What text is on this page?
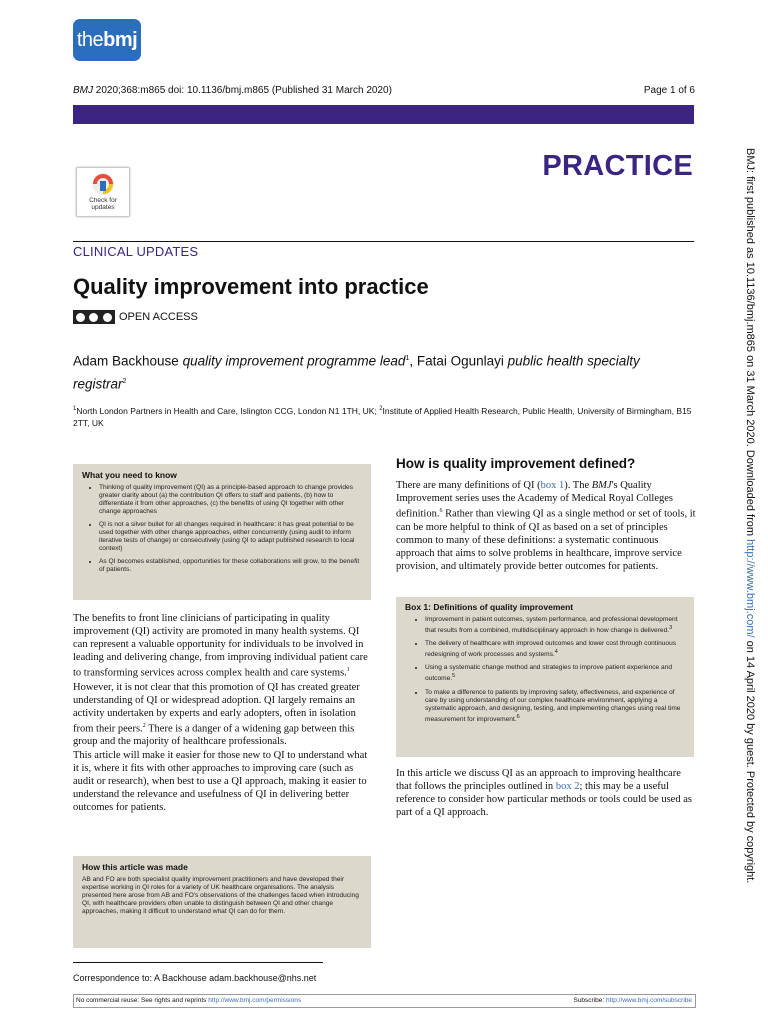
the bmj
BMJ 2020;368:m865 doi: 10.1136/bmj.m865 (Published 31 March 2020)	Page 1 of 6
PRACTICE
Check for updates
CLINICAL UPDATES
Quality improvement into practice
OPEN ACCESS
Adam Backhouse quality improvement programme lead$^1$, Fatai Ogunlayi public health specialty registrar$^2$
$^1$North London Partners in Health and Care, Islington CCG, London N1 1TH, UK; $^2$Institute of Applied Health Research, Public Health, University of Birmingham, B15 2TT, UK
What you need to know
• Thinking of quality improvement (QI) as a principle-based approach to change provides greater clarity about (a) the contribution QI offers to staff and patients, (b) how to differentiate it from other approaches, (c) the benefits of using QI together with other change approaches
• QI is not a silver bullet for all changes required in healthcare: it has great potential to be used together with other change approaches, either concurrently (using audit to inform iterative tests of change) or consecutively (using QI to adapt published research to local context)
• As QI becomes established, opportunities for these collaborations will grow, to the benefit of patients.

The benefits to front line clinicians of participating in quality improvement (QI) activity are promoted in many health systems. QI can represent a valuable opportunity for individuals to be involved in leading and delivering change, from improving individual patient care to transforming services across complex health and care systems.$^1$

However, it is not clear that this promotion of QI has created greater understanding of QI or widespread adoption. QI largely remains an activity undertaken by experts and early adopters, often in isolation from their peers.$^2$ There is a danger of a widening gap between this group and the majority of healthcare professionals.

This article will make it easier for those new to QI to understand what it is, where it fits with other approaches to improving care (such as audit or research), when best to use a QI approach, making it easier to understand the relevance and usefulness of QI in delivering better outcomes for patients.

How this article was made

AB and FO are both specialist quality improvement practitioners and have developed their expertise working in QI roles for a variety of UK healthcare organisations. The analysis presented here arose from AB and FO's observations of the challenges faced when introducing QI, with healthcare providers often unable to distinguish between QI and other change approaches, making it difficult to understand what QI can do for them.

How is quality improvement defined?

There are many definitions of QI (box 1). The BMJ's Quality Improvement series uses the Academy of Medical Royal Colleges definition.$^6$ Rather than viewing QI as a single method or set of tools, it can be more helpful to think of QI as based on a set of principles common to many of these definitions: a systematic continuous approach that aims to solve problems in healthcare, improve service provision, and ultimately provide better outcomes for patients.

Box 1: Definitions of quality improvement
• Improvement in patient outcomes, system performance, and professional development that results from a combined, multidisciplinary approach in how change is delivered.$^3$
• The delivery of healthcare with improved outcomes and lower cost through continuous redesigning of work processes and systems.$^4$
• Using a systematic change method and strategies to improve patient experience and outcome.$^5$
• To make a difference to patients by improving safety, effectiveness, and experience of care by using understanding of our complex healthcare environment, applying a systematic approach, and designing, testing, and implementing changes using real time measurement for improvement.$^6$

In this article we discuss QI as an approach to improving healthcare that follows the principles outlined in box 2; this may be a useful reference to consider how particular methods or tools could be used as part of a QI approach.

Correspondence to: A Backhouse adam.backhouse@nhs.net
No commercial reuse: See rights and reprints http://www.bmj.com/permissions	Subscribe: http://www.bmj.com/subscribe
BMJ: first published as 10.1136/bmj.m865 on 31 March 2020. Downloaded from http://www.bmj.com/ on 14 April 2020 by guest. Protected by copyright.
